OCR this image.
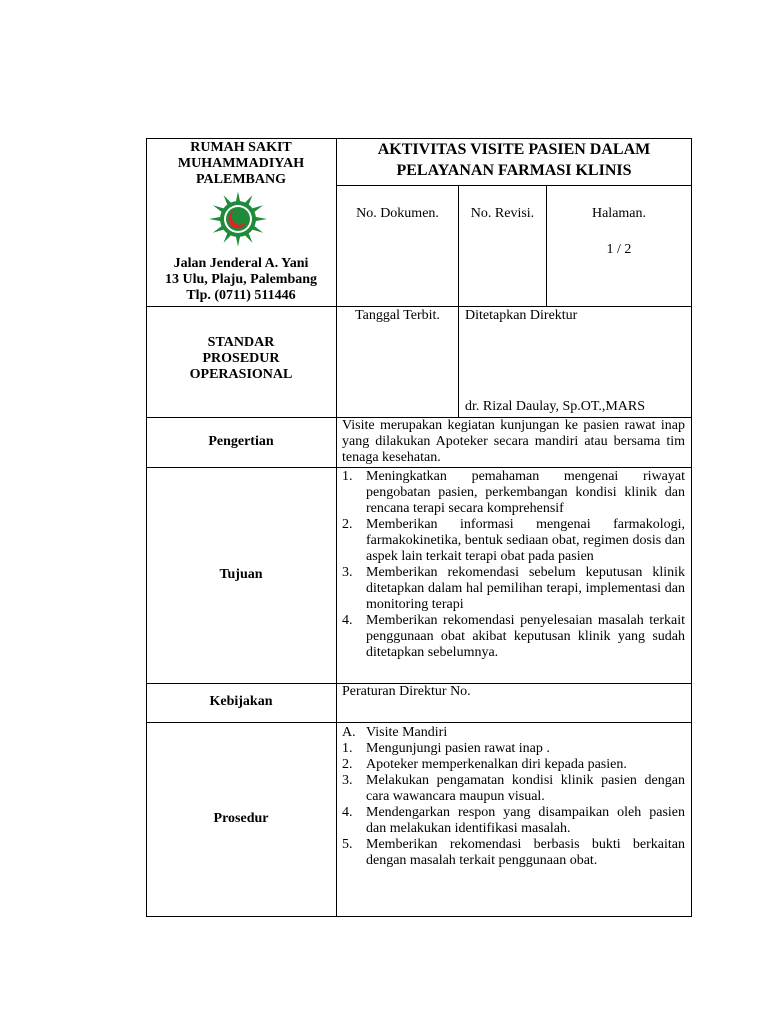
RUMAH SAKIT
MUHAMMADIYAH
PALEMBANG
Jalan Jenderal A. Yani
13 Ulu, Plaju, Palembang
Tlp. (0711) 511446
AKTIVITAS VISITE PASIEN DALAM
PELAYANAN FARMASI KLINIS
No. Dokumen.	No. Revisi.	Halaman.
1 / 2
STANDAR
PROSEDUR
OPERASIONAL
Tanggal Terbit.	Ditetapkan Direktur
dr. Rizal Daulay, Sp.OT.,MARS
Pengertian
Visite merupakan kegiatan kunjungan ke pasien rawat inap yang dilakukan Apoteker secara mandiri atau bersama tim tenaga kesehatan.
Tujuan
1. Meningkatkan pemahaman mengenai riwayat pengobatan pasien, perkembangan kondisi klinik dan rencana terapi secara komprehensif
2. Memberikan informasi mengenai farmakologi, farmakokinetika, bentuk sediaan obat, regimen dosis dan aspek lain terkait terapi obat pada pasien
3. Memberikan rekomendasi sebelum keputusan klinik ditetapkan dalam hal pemilihan terapi, implementasi dan monitoring terapi
4. Memberikan rekomendasi penyelesaian masalah terkait penggunaan obat akibat keputusan klinik yang sudah ditetapkan sebelumnya.
Kebijakan
Peraturan Direktur No.
Prosedur
A. Visite Mandiri
1. Mengunjungi pasien rawat inap .
2. Apoteker memperkenalkan diri kepada pasien.
3. Melakukan pengamatan kondisi klinik pasien dengan cara wawancara maupun visual.
4. Mendengarkan respon yang disampaikan oleh pasien dan melakukan identifikasi masalah.
5. Memberikan rekomendasi berbasis bukti berkaitan dengan masalah terkait penggunaan obat.
